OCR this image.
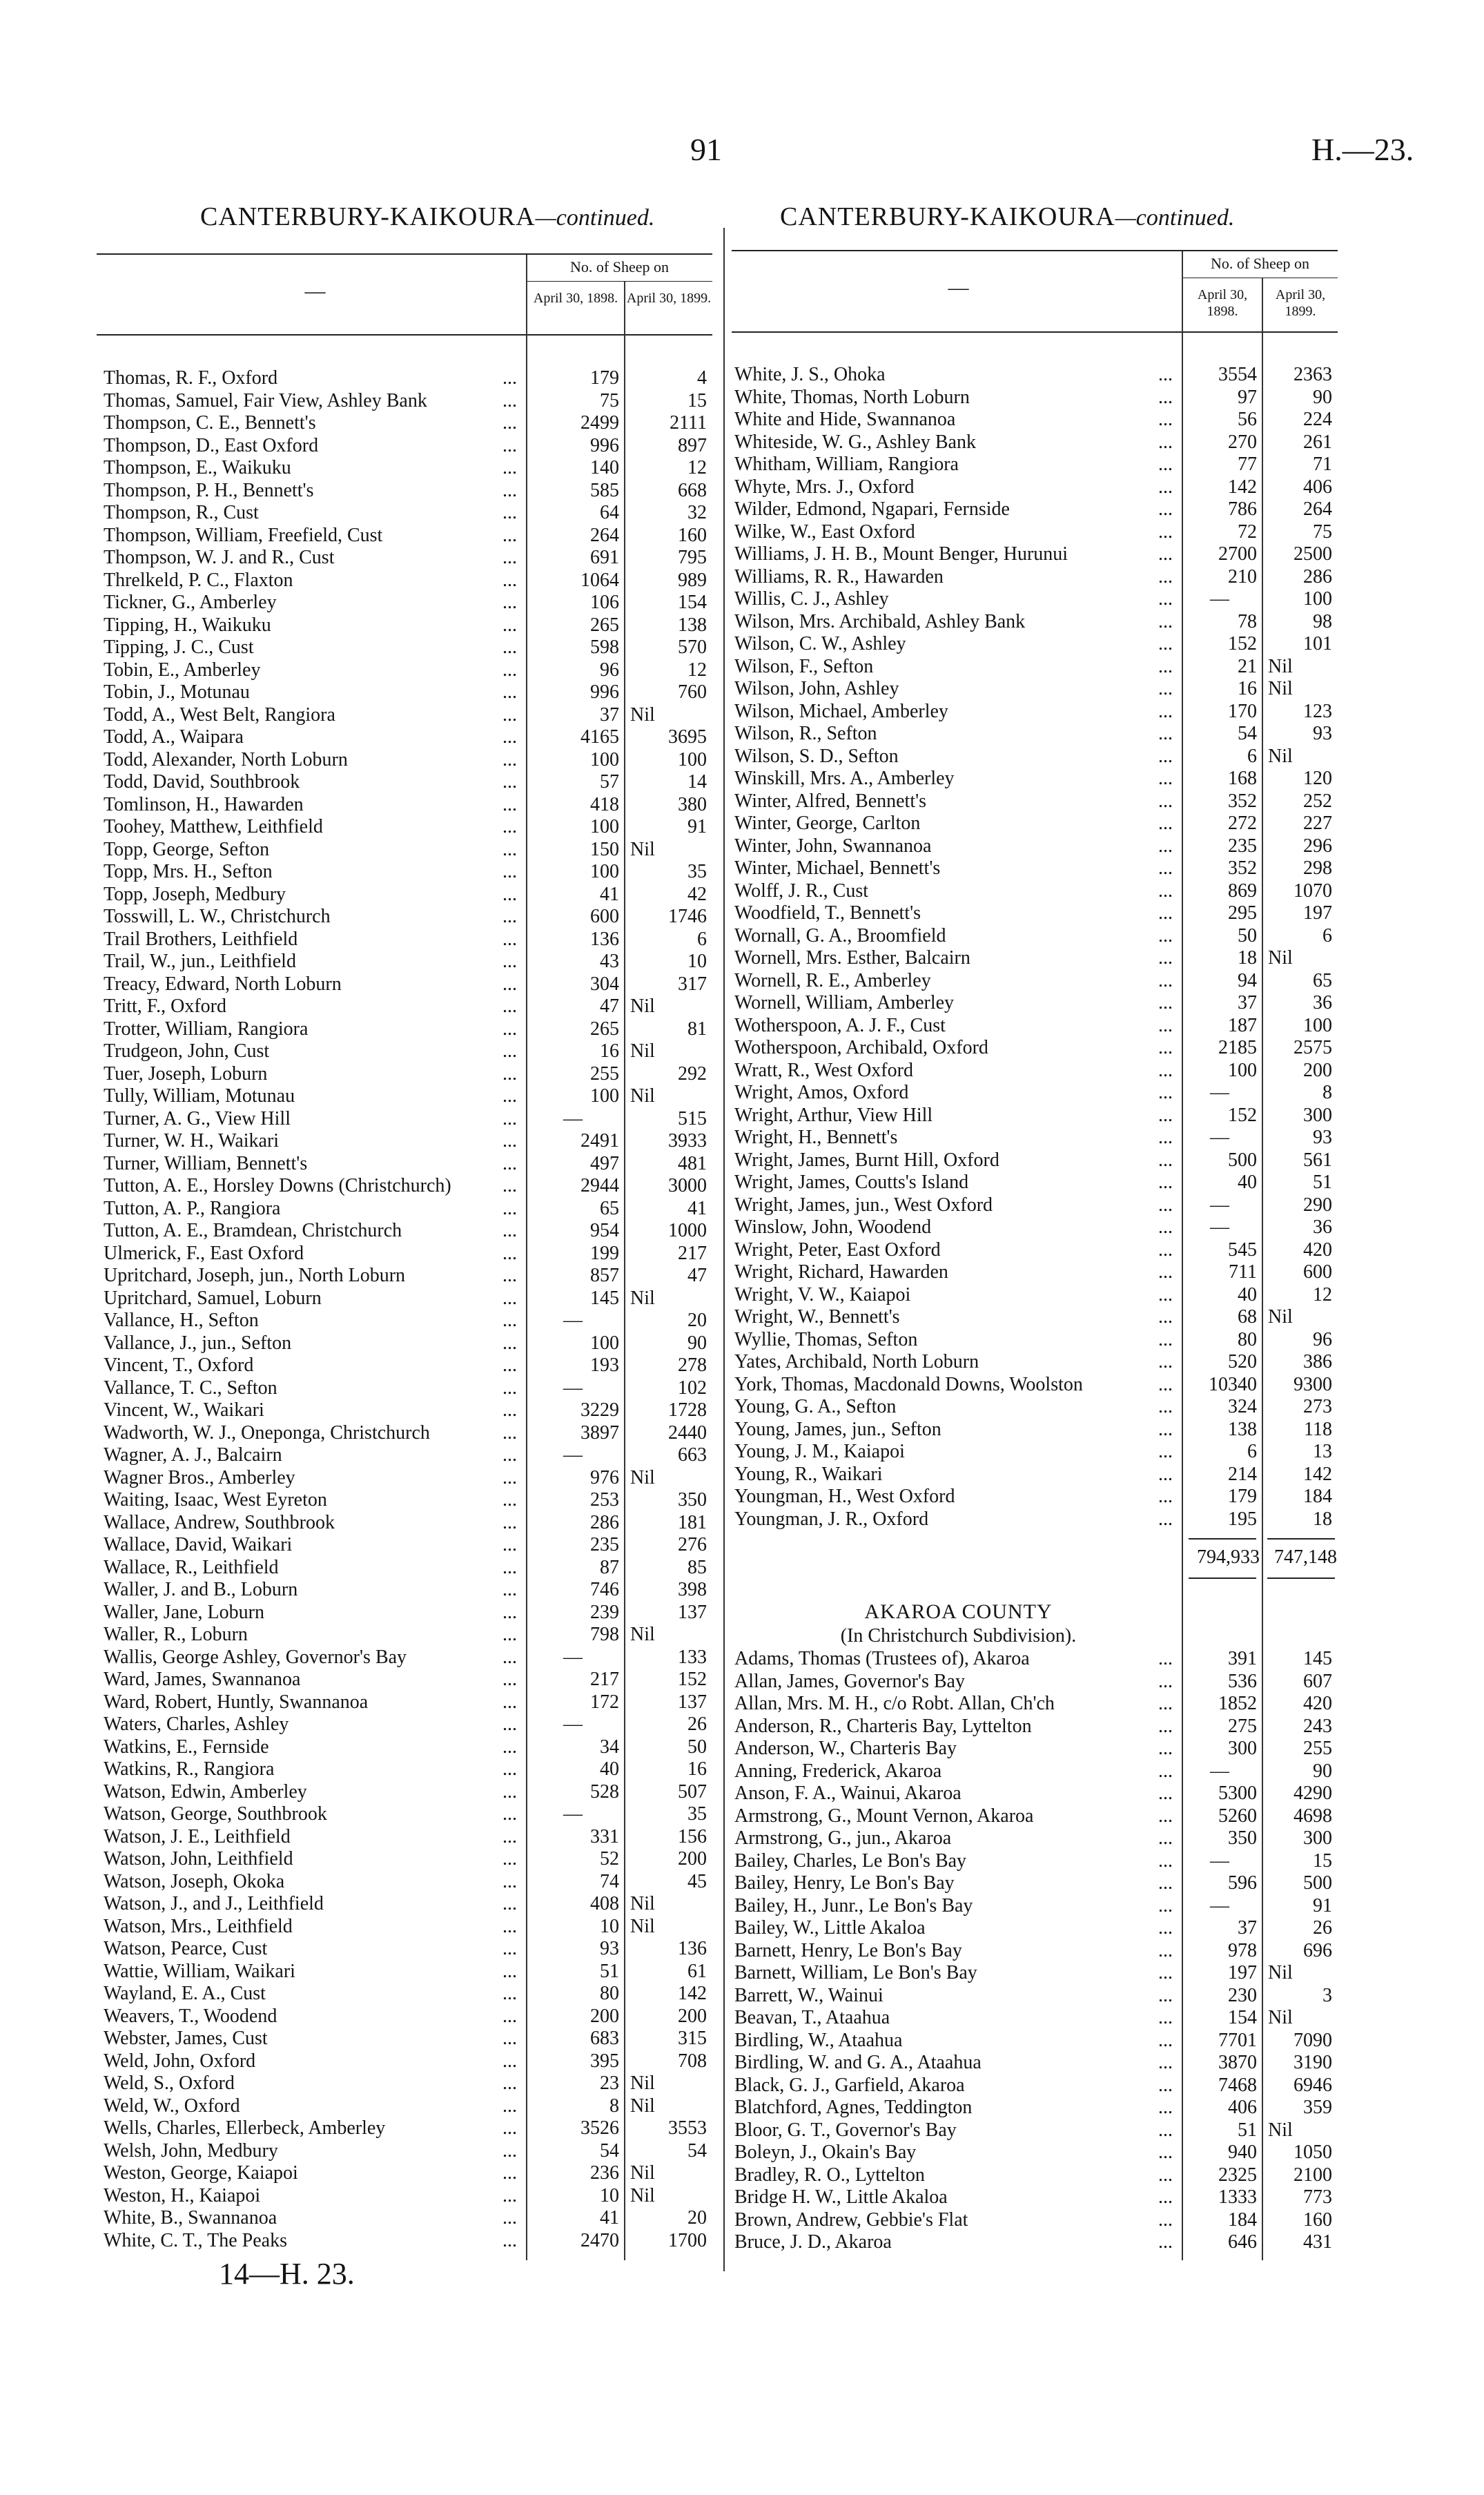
91	H.—23.
CANTERBURY-KAIKOURA—continued.	CANTERBURY-KAIKOURA—continued.
—
No. of Sheep on
April 30, 1898. April 30, 1899.
Thomas, R. F., Oxford	...	179	4
Thomas, Samuel, Fair View, Ashley Bank	...	75	15
Thompson, C. E., Bennett's	...	2499	2111
Thompson, D., East Oxford	...	996	897
Thompson, E., Waikuku	...	140	12
Thompson, P. H., Bennett's	...	585	668
Thompson, R., Cust	...	64	32
Thompson, William, Freefield, Cust	...	264	160
Thompson, W. J. and R., Cust	...	691	795
Threlkeld, P. C., Flaxton	...	1064	989
Tickner, G., Amberley	...	106	154
Tipping, H., Waikuku	...	265	138
Tipping, J. C., Cust	...	598	570
Tobin, E., Amberley	...	96	12
Tobin, J., Motunau	...	996	760
Todd, A., West Belt, Rangiora	...	37 Nil
Todd, A., Waipara	...	4165	3695
Todd, Alexander, North Loburn	...	100	100
Todd, David, Southbrook	...	57	14
Tomlinson, H., Hawarden	...	418	380
Toohey, Matthew, Leithfield	...	100	91
Topp, George, Sefton	...	150 Nil
Topp, Mrs. H., Sefton	...	100	35
Topp, Joseph, Medbury	...	41	42
Tosswill, L. W., Christchurch	...	600	1746
Trail Brothers, Leithfield	...	136	6
Trail, W., jun., Leithfield	...	43	10
Treacy, Edward, North Loburn	...	304	317
Tritt, F., Oxford	...	47 Nil
Trotter, William, Rangiora	...	265	81
Trudgeon, John, Cust	...	16 Nil
Tuer, Joseph, Loburn	...	255	292
Tully, William, Motunau	...	100 Nil
Turner, A. G., View Hill	...	—	515
Turner, W. H., Waikari	...	2491	3933
Turner, William, Bennett's	...	497	481
Tutton, A. E., Horsley Downs (Christchurch)	...	2944	3000
Tutton, A. P., Rangiora	...	65	41
Tutton, A. E., Bramdean, Christchurch	...	954	1000
Ulmerick, F., East Oxford	...	199	217
Upritchard, Joseph, jun., North Loburn	...	857	47
Upritchard, Samuel, Loburn	...	145 Nil
Vallance, H., Sefton	...	—	20
Vallance, J., jun., Sefton	...	100	90
Vincent, T., Oxford	...	193	278
Vallance, T. C., Sefton	...	—	102
Vincent, W., Waikari	...	3229	1728
Wadworth, W. J., Oneponga, Christchurch	...	3897	2440
Wagner, A. J., Balcairn	...	—	663
Wagner Bros., Amberley	...	976 Nil
Waiting, Isaac, West Eyreton	...	253	350
Wallace, Andrew, Southbrook	...	286	181
Wallace, David, Waikari	...	235	276
Wallace, R., Leithfield	...	87	85
Waller, J. and B., Loburn	...	746	398
Waller, Jane, Loburn	...	239	137
Waller, R., Loburn	...	798 Nil
Wallis, George Ashley, Governor's Bay	...	—	133
Ward, James, Swannanoa	...	217	152
Ward, Robert, Huntly, Swannanoa	...	172	137
Waters, Charles, Ashley	...	—	26
Watkins, E., Fernside	...	34	50
Watkins, R., Rangiora	...	40	16
Watson, Edwin, Amberley	...	528	507
Watson, George, Southbrook	...	—	35
Watson, J. E., Leithfield	...	331	156
Watson, John, Leithfield	...	52	200
Watson, Joseph, Okoka	...	74	45
Watson, J., and J., Leithfield	...	408 Nil
Watson, Mrs., Leithfield	...	10 Nil
Watson, Pearce, Cust	...	93	136
Wattie, William, Waikari	...	51	61
Wayland, E. A., Cust	...	80	142
Weavers, T., Woodend	...	200	200
Webster, James, Cust	...	683	315
Weld, John, Oxford	...	395	708
Weld, S., Oxford	...	23 Nil
Weld, W., Oxford	...	8 Nil
Wells, Charles, Ellerbeck, Amberley	...	3526	3553
Welsh, John, Medbury	...	54	54
Weston, George, Kaiapoi	...	236 Nil
Weston, H., Kaiapoi	...	10 Nil
White, B., Swannanoa	...	41	20
White, C. T., The Peaks	...	2470	1700
—
No. of Sheep on
April 30, 1898.
April 30, 1899.
White, J. S., Ohoka	...	3554	2363
White, Thomas, North Loburn	...	97	90
White and Hide, Swannanoa	...	56	224
Whiteside, W. G., Ashley Bank	...	270	261
Whitham, William, Rangiora	...	77	71
Whyte, Mrs. J., Oxford	...	142	406
Wilder, Edmond, Ngapari, Fernside	...	786	264
Wilke, W., East Oxford	...	72	75
Williams, J. H. B., Mount Benger, Hurunui	...	2700	2500
Williams, R. R., Hawarden	...	210	286
Willis, C. J., Ashley	...	—	100
Wilson, Mrs. Archibald, Ashley Bank	...	78	98
Wilson, C. W., Ashley	...	152	101
Wilson, F., Sefton	...	21 Nil
Wilson, John, Ashley	...	16 Nil
Wilson, Michael, Amberley	...	170	123
Wilson, R., Sefton	...	54	93
Wilson, S. D., Sefton	...	6 Nil
Winskill, Mrs. A., Amberley	...	168	120
Winter, Alfred, Bennett's	...	352	252
Winter, George, Carlton	...	272	227
Winter, John, Swannanoa	...	235	296
Winter, Michael, Bennett's	...	352	298
Wolff, J. R., Cust	...	869	1070
Woodfield, T., Bennett's	...	295	197
Wornall, G. A., Broomfield	...	50	6
Wornell, Mrs. Esther, Balcairn	...	18 Nil
Wornell, R. E., Amberley	...	94	65
Wornell, William, Amberley	...	37	36
Wotherspoon, A. J. F., Cust	...	187	100
Wotherspoon, Archibald, Oxford	...	2185	2575
Wratt, R., West Oxford	...	100	200
Wright, Amos, Oxford	...	—	8
Wright, Arthur, View Hill	...	152	300
Wright, H., Bennett's	...	—	93
Wright, James, Burnt Hill, Oxford	...	500	561
Wright, James, Coutts's Island	...	40	51
Wright, James, jun., West Oxford	...	—	290
Winslow, John, Woodend	...	—	36
Wright, Peter, East Oxford	...	545	420
Wright, Richard, Hawarden	...	711	600
Wright, V. W., Kaiapoi	...	40	12
Wright, W., Bennett's	...	68 Nil
Wyllie, Thomas, Sefton	...	80	96
Yates, Archibald, North Loburn	...	520	386
York, Thomas, Macdonald Downs, Woolston	...	10340	9300
Young, G. A., Sefton	...	324	273
Young, James, jun., Sefton	...	138	118
Young, J. M., Kaiapoi	...	6	13
Young, R., Waikari	...	214	142
Youngman, H., West Oxford	...	179	184
Youngman, J. R., Oxford	...	195	18
794,933 747,148
AKAROA COUNTY
(In Christchurch Subdivision).
Adams, Thomas (Trustees of), Akaroa	...	391	145
Allan, James, Governor's Bay	...	536	607
Allan, Mrs. M. H., c/o Robt. Allan, Ch'ch	...	1852	420
Anderson, R., Charteris Bay, Lyttelton	...	275	243
Anderson, W., Charteris Bay	...	300	255
Anning, Frederick, Akaroa	...	—	90
Anson, F. A., Wainui, Akaroa	...	5300	4290
Armstrong, G., Mount Vernon, Akaroa	...	5260	4698
Armstrong, G., jun., Akaroa	...	350	300
Bailey, Charles, Le Bon's Bay	...	—	15
Bailey, Henry, Le Bon's Bay	...	596	500
Bailey, H., Junr., Le Bon's Bay	...	—	91
Bailey, W., Little Akaloa	...	37	26
Barnett, Henry, Le Bon's Bay	...	978	696
Barnett, William, Le Bon's Bay	...	197 Nil
Barrett, W., Wainui	...	230	3
Beavan, T., Ataahua	...	154 Nil
Birdling, W., Ataahua	...	7701	7090
Birdling, W. and G. A., Ataahua	...	3870	3190
Black, G. J., Garfield, Akaroa	...	7468	6946
Blatchford, Agnes, Teddington	...	406	359
Bloor, G. T., Governor's Bay	...	51 Nil
Boleyn, J., Okain's Bay	...	940	1050
Bradley, R. O., Lyttelton	...	2325	2100
Bridge H. W., Little Akaloa	...	1333	773
Brown, Andrew, Gebbie's Flat	...	184	160
Bruce, J. D., Akaroa	...	646	431
14—H. 23.
